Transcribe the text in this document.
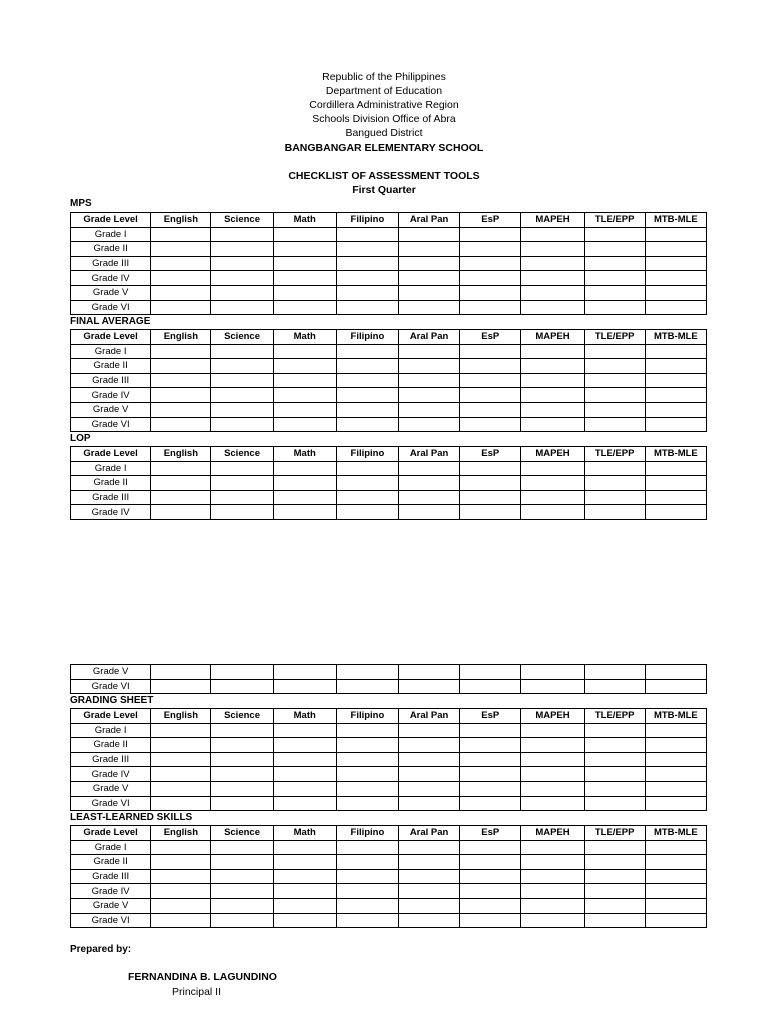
Republic of the Philippines
Department of Education
Cordillera Administrative Region
Schools Division Office of Abra
Bangued District
BANGBANGAR ELEMENTARY SCHOOL
CHECKLIST OF ASSESSMENT TOOLS
First Quarter
MPS
FINAL AVERAGE
LOP
GRADING SHEET
LEAST-LEARNED SKILLS
Grade Level	English	Science	Math	Filipino	Aral Pan	EsP	MAPEH	TLE/EPP	MTB-MLE
Grade I									
Grade II									
Grade III									
Grade IV									
Grade V									
Grade VI									
Grade Level	English	Science	Math	Filipino	Aral Pan	EsP	MAPEH	TLE/EPP	MTB-MLE
Grade I									
Grade II									
Grade III									
Grade IV									
Grade V									
Grade VI									
Grade Level	English	Science	Math	Filipino	Aral Pan	EsP	MAPEH	TLE/EPP	MTB-MLE
Grade I									
Grade II									
Grade III									
Grade IV									
Grade V									
Grade VI									
Grade Level	English	Science	Math	Filipino	Aral Pan	EsP	MAPEH	TLE/EPP	MTB-MLE
Grade I									
Grade II									
Grade III									
Grade IV									
Grade V									
Grade VI									
Grade Level	English	Science	Math	Filipino	Aral Pan	EsP	MAPEH	TLE/EPP	MTB-MLE
Grade I									
Grade II									
Grade III									
Grade IV									
Grade V									
Grade VI									
Prepared by:
FERNANDINA B. LAGUNDINO
Principal II
